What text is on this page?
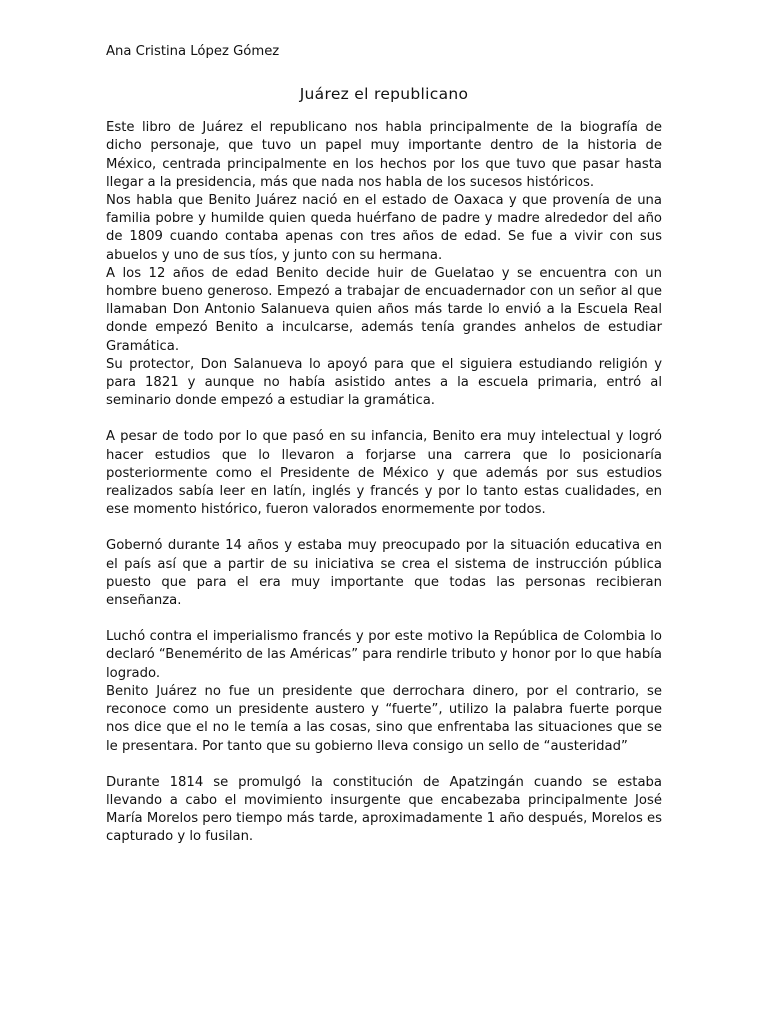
Ana Cristina López Gómez
Juárez el republicano

Este libro de Juárez el republicano nos habla principalmente de la biografía de dicho personaje, que tuvo un papel muy importante dentro de la historia de México, centrada principalmente en los hechos por los que tuvo que pasar hasta llegar a la presidencia, más que nada nos habla de los sucesos históricos.

Nos habla que Benito Juárez nació en el estado de Oaxaca y que provenía de una familia pobre y humilde quien queda huérfano de padre y madre alrededor del año de 1809 cuando contaba apenas con tres años de edad. Se fue a vivir con sus abuelos y uno de sus tíos, y junto con su hermana.

A los 12 años de edad Benito decide huir de Guelatao y se encuentra con un hombre bueno generoso. Empezó a trabajar de encuadernador con un señor al que llamaban Don Antonio Salanueva quien años más tarde lo envió a la Escuela Real donde empezó Benito a inculcarse, además tenía grandes anhelos de estudiar Gramática.

Su protector, Don Salanueva lo apoyó para que el siguiera estudiando religión y para 1821 y aunque no había asistido antes a la escuela primaria, entró al seminario donde empezó a estudiar la gramática.

A pesar de todo por lo que pasó en su infancia, Benito era muy intelectual y logró hacer estudios que lo llevaron a forjarse una carrera que lo posicionaría posteriormente como el Presidente de México y que además por sus estudios realizados sabía leer en latín, inglés y francés y por lo tanto estas cualidades, en ese momento histórico, fueron valorados enormemente por todos.

Gobernó durante 14 años y estaba muy preocupado por la situación educativa en el país así que a partir de su iniciativa se crea el sistema de instrucción pública puesto que para el era muy importante que todas las personas recibieran enseñanza.

Luchó contra el imperialismo francés y por este motivo la República de Colombia lo declaró “Benemérito de las Américas” para rendirle tributo y honor por lo que había logrado.

Benito Juárez no fue un presidente que derrochara dinero, por el contrario, se reconoce como un presidente austero y “fuerte”, utilizo la palabra fuerte porque nos dice que el no le temía a las cosas, sino que enfrentaba las situaciones que se le presentara. Por tanto que su gobierno lleva consigo un sello de “austeridad”

Durante 1814 se promulgó la constitución de Apatzingán cuando se estaba llevando a cabo el movimiento insurgente que encabezaba principalmente José María Morelos pero tiempo más tarde, aproximadamente 1 año después, Morelos es capturado y lo fusilan.
